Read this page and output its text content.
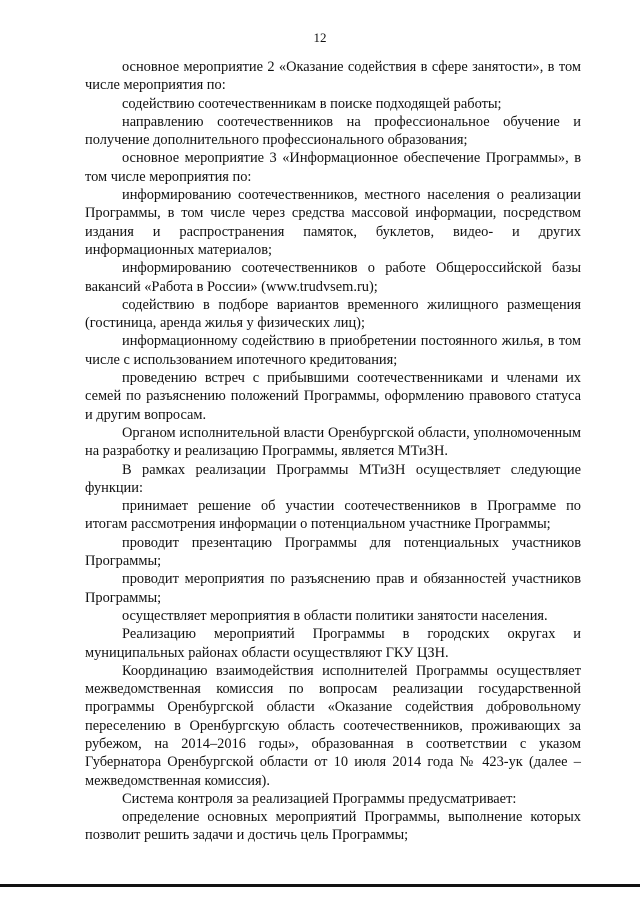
12

основное мероприятие 2 «Оказание содействия в сфере занятости», в том числе мероприятия по:

содействию соотечественникам в поиске подходящей работы;

направлению соотечественников на профессиональное обучение и получение дополнительного профессионального образования;

основное мероприятие 3 «Информационное обеспечение Программы», в том числе мероприятия по:

информированию соотечественников, местного населения о реализации Программы, в том числе через средства массовой информации, посредством издания и распространения памяток, буклетов, видео- и других информационных материалов;

информированию соотечественников о работе Общероссийской базы вакансий «Работа в России» (www.trudvsem.ru);

содействию в подборе вариантов временного жилищного размещения (гостиница, аренда жилья у физических лиц);

информационному содействию в приобретении постоянного жилья, в том числе с использованием ипотечного кредитования;

проведению встреч с прибывшими соотечественниками и членами их семей по разъяснению положений Программы, оформлению правового статуса и другим вопросам.

Органом исполнительной власти Оренбургской области, уполномоченным на разработку и реализацию Программы, является МТиЗН.

В рамках реализации Программы МТиЗН осуществляет следующие функции:

принимает решение об участии соотечественников в Программе по итогам рассмотрения информации о потенциальном участнике Программы;

проводит презентацию Программы для потенциальных участников Программы;

проводит мероприятия по разъяснению прав и обязанностей участников Программы;

осуществляет мероприятия в области политики занятости населения.

Реализацию мероприятий Программы в городских округах и муниципальных районах области осуществляют ГКУ ЦЗН.

Координацию взаимодействия исполнителей Программы осуществляет межведомственная комиссия по вопросам реализации государственной программы Оренбургской области «Оказание содействия добровольному переселению в Оренбургскую область соотечественников, проживающих за рубежом, на 2014–2016 годы», образованная в соответствии с указом Губернатора Оренбургской области от 10 июля 2014 года № 423-ук (далее – межведомственная комиссия).

Система контроля за реализацией Программы предусматривает:

определение основных мероприятий Программы, выполнение которых позволит решить задачи и достичь цель Программы;
